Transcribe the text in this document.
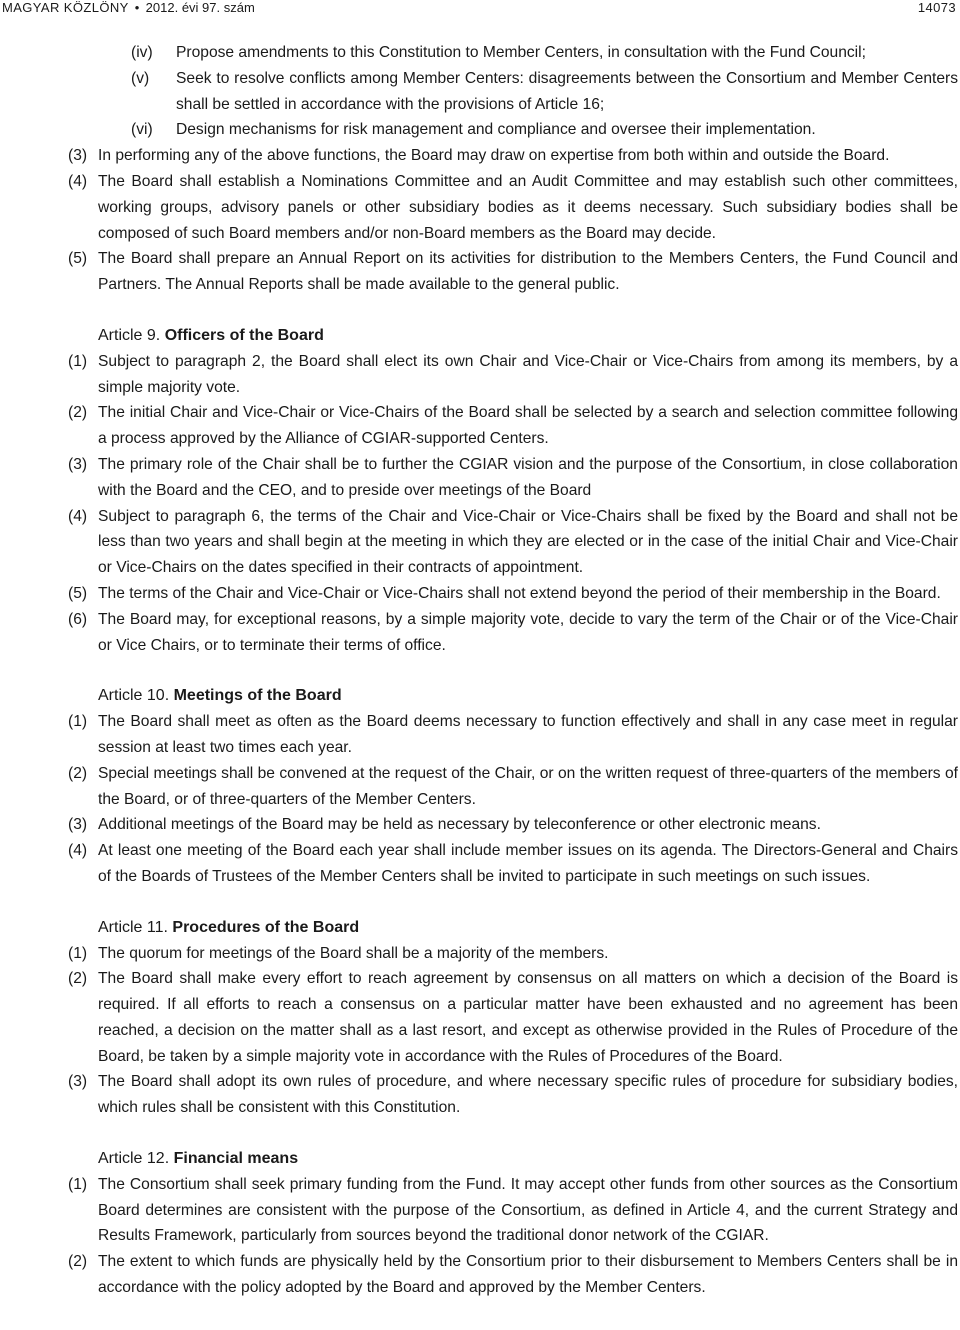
MAGYAR KÖZLÖNY • 2012. évi 97. szám	14073
(iv) Propose amendments to this Constitution to Member Centers, in consultation with the Fund Council;
(v) Seek to resolve conflicts among Member Centers: disagreements between the Consortium and Member Centers shall be settled in accordance with the provisions of Article 16;
(vi) Design mechanisms for risk management and compliance and oversee their implementation.
(3) In performing any of the above functions, the Board may draw on expertise from both within and outside the Board.
(4) The Board shall establish a Nominations Committee and an Audit Committee and may establish such other committees, working groups, advisory panels or other subsidiary bodies as it deems necessary. Such subsidiary bodies shall be composed of such Board members and/or non-Board members as the Board may decide.
(5) The Board shall prepare an Annual Report on its activities for distribution to the Members Centers, the Fund Council and Partners. The Annual Reports shall be made available to the general public.
Article 9. Officers of the Board
(1) Subject to paragraph 2, the Board shall elect its own Chair and Vice-Chair or Vice-Chairs from among its members, by a simple majority vote.
(2) The initial Chair and Vice-Chair or Vice-Chairs of the Board shall be selected by a search and selection committee following a process approved by the Alliance of CGIAR-supported Centers.
(3) The primary role of the Chair shall be to further the CGIAR vision and the purpose of the Consortium, in close collaboration with the Board and the CEO, and to preside over meetings of the Board
(4) Subject to paragraph 6, the terms of the Chair and Vice-Chair or Vice-Chairs shall be fixed by the Board and shall not be less than two years and shall begin at the meeting in which they are elected or in the case of the initial Chair and Vice-Chair or Vice-Chairs on the dates specified in their contracts of appointment.
(5) The terms of the Chair and Vice-Chair or Vice-Chairs shall not extend beyond the period of their membership in the Board.
(6) The Board may, for exceptional reasons, by a simple majority vote, decide to vary the term of the Chair or of the Vice-Chair or Vice Chairs, or to terminate their terms of office.
Article 10. Meetings of the Board
(1) The Board shall meet as often as the Board deems necessary to function effectively and shall in any case meet in regular session at least two times each year.
(2) Special meetings shall be convened at the request of the Chair, or on the written request of three-quarters of the members of the Board, or of three-quarters of the Member Centers.
(3) Additional meetings of the Board may be held as necessary by teleconference or other electronic means.
(4) At least one meeting of the Board each year shall include member issues on its agenda. The Directors-General and Chairs of the Boards of Trustees of the Member Centers shall be invited to participate in such meetings on such issues.
Article 11. Procedures of the Board
(1) The quorum for meetings of the Board shall be a majority of the members.
(2) The Board shall make every effort to reach agreement by consensus on all matters on which a decision of the Board is required. If all efforts to reach a consensus on a particular matter have been exhausted and no agreement has been reached, a decision on the matter shall as a last resort, and except as otherwise provided in the Rules of Procedure of the Board, be taken by a simple majority vote in accordance with the Rules of Procedures of the Board.
(3) The Board shall adopt its own rules of procedure, and where necessary specific rules of procedure for subsidiary bodies, which rules shall be consistent with this Constitution.
Article 12. Financial means
(1) The Consortium shall seek primary funding from the Fund. It may accept other funds from other sources as the Consortium Board determines are consistent with the purpose of the Consortium, as defined in Article 4, and the current Strategy and Results Framework, particularly from sources beyond the traditional donor network of the CGIAR.
(2) The extent to which funds are physically held by the Consortium prior to their disbursement to Members Centers shall be in accordance with the policy adopted by the Board and approved by the Member Centers.
